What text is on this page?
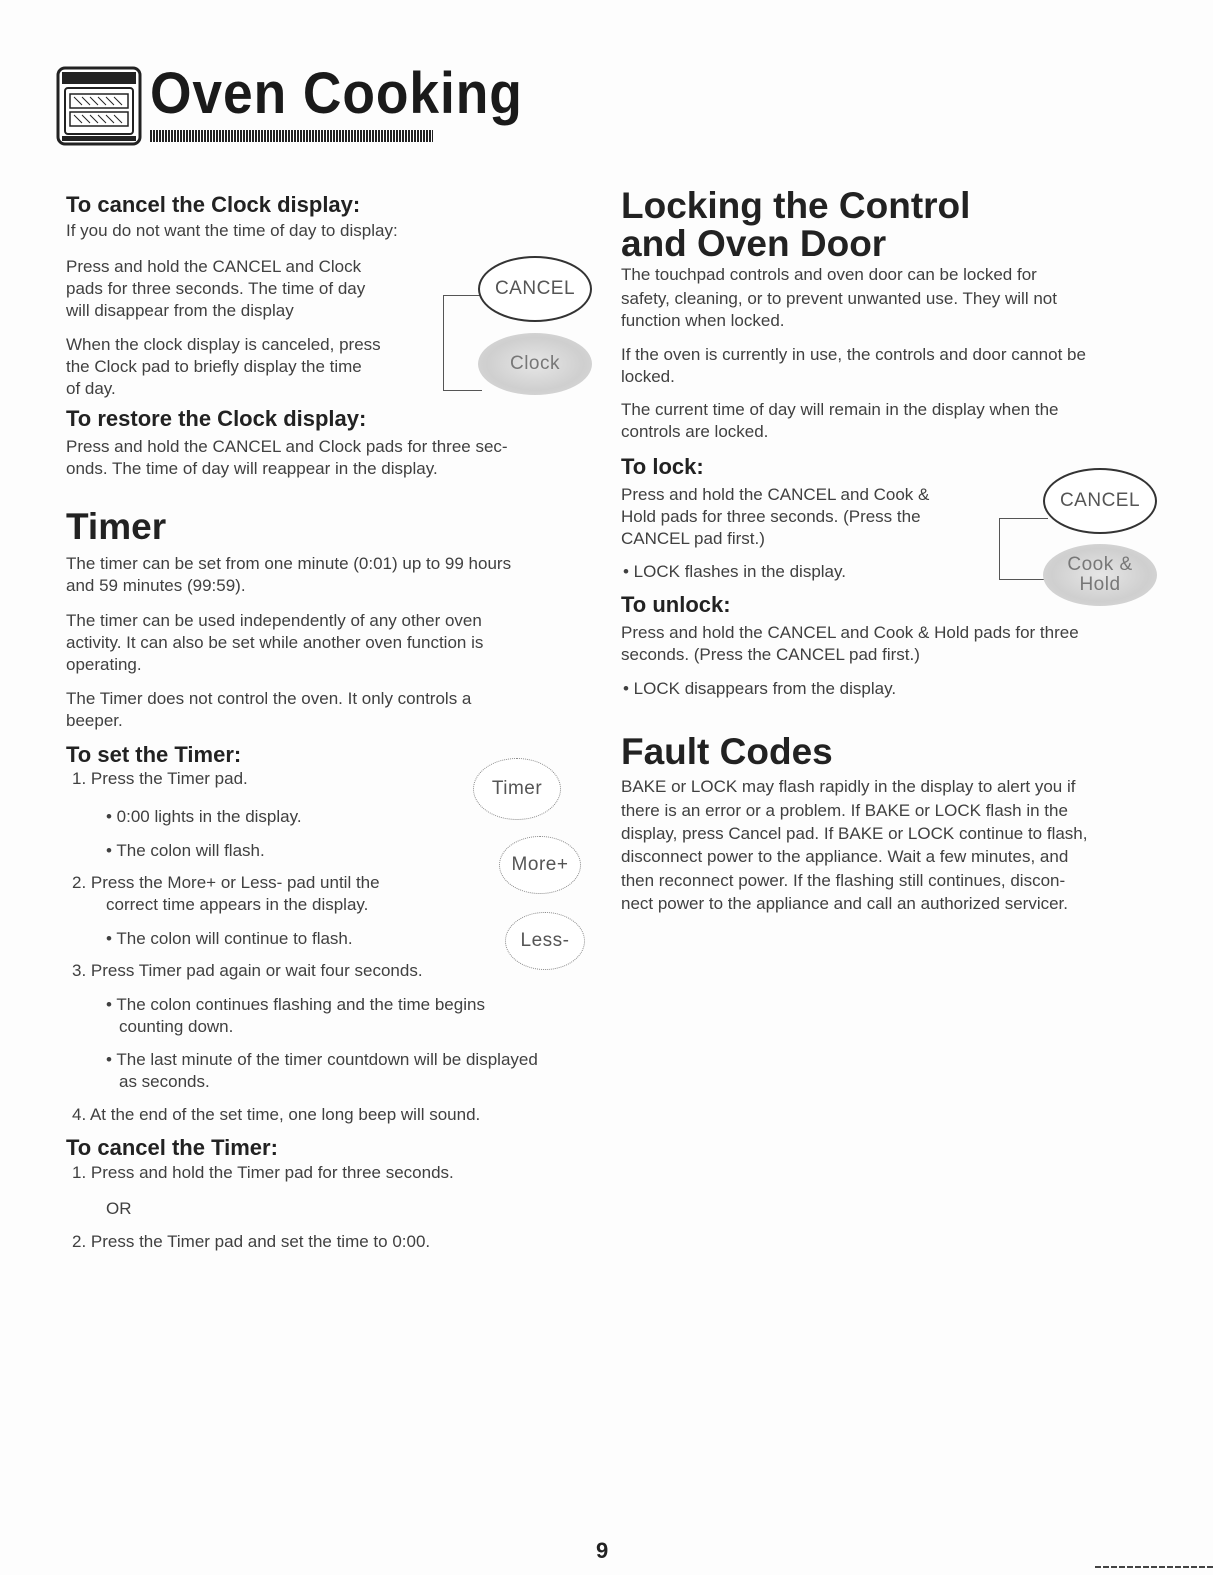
Oven Cooking
To cancel the Clock display:

If you do not want the time of day to display:

Press and hold the CANCEL and Clock

pads for three seconds. The time of day

will disappear from the display

When the clock display is canceled, press

the Clock pad to briefly display the time

of day.

CANCEL
Clock
To restore the Clock display:

Press and hold the CANCEL and Clock pads for three sec-

onds. The time of day will reappear in the display.

Timer

The timer can be set from one minute (0:01) up to 99 hours

and 59 minutes (99:59).

The timer can be used independently of any other oven

activity. It can also be set while another oven function is

operating.

The Timer does not control the oven. It only controls a

beeper.

To set the Timer:

1. Press the Timer pad.

• 0:00 lights in the display.

• The colon will flash.

2. Press the More+ or Less- pad until the

correct time appears in the display.

• The colon will continue to flash.

3. Press Timer pad again or wait four seconds.

• The colon continues flashing and the time begins

counting down.

• The last minute of the timer countdown will be displayed

as seconds.

4. At the end of the set time, one long beep will sound.

Timer
More+
Less-
To cancel the Timer:

1. Press and hold the Timer pad for three seconds.

OR

2. Press the Timer pad and set the time to 0:00.

Locking the Control
and Oven Door

The touchpad controls and oven door can be locked for

safety, cleaning, or to prevent unwanted use. They will not

function when locked.

If the oven is currently in use, the controls and door cannot be

locked.

The current time of day will remain in the display when the

controls are locked.

To lock:

Press and hold the CANCEL and Cook &

Hold pads for three seconds. (Press the

CANCEL pad first.)

• LOCK flashes in the display.

CANCEL
Cook &
Hold
To unlock:

Press and hold the CANCEL and Cook & Hold pads for three

seconds. (Press the CANCEL pad first.)

• LOCK disappears from the display.

Fault Codes

BAKE or LOCK may flash rapidly in the display to alert you if

there is an error or a problem. If BAKE or LOCK flash in the

display, press Cancel pad. If BAKE or LOCK continue to flash,

disconnect power to the appliance. Wait a few minutes, and

then reconnect power. If the flashing still continues, discon-

nect power to the appliance and call an authorized servicer.

9
